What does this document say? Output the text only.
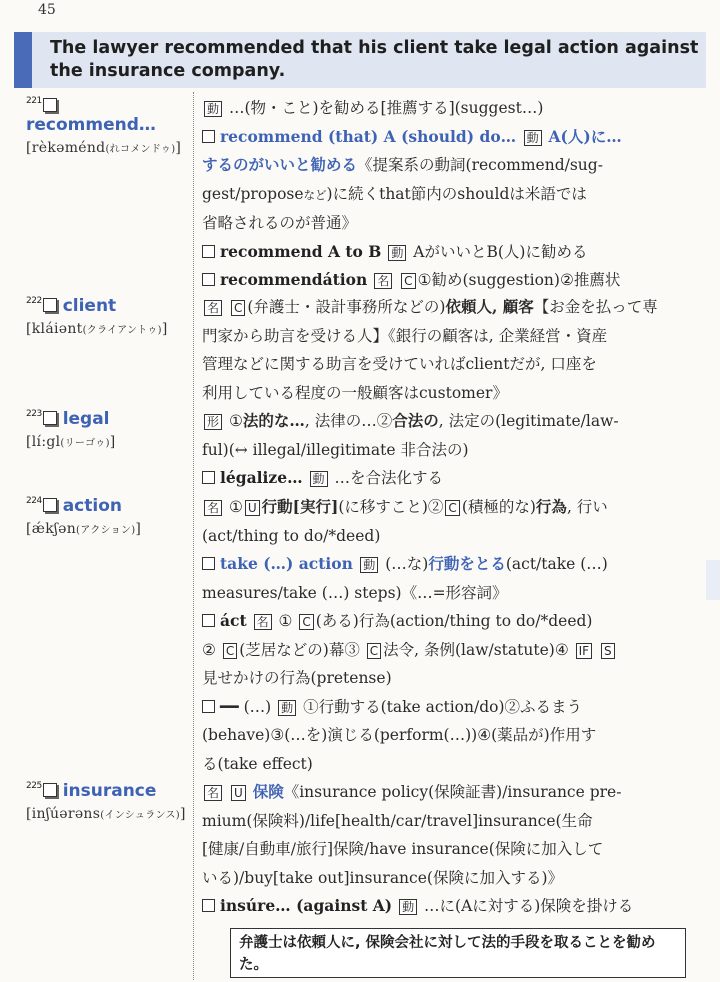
45
The lawyer recommended that his client take legal action against the insurance company.
$^{221}$recommend…
[rèkəménd(れコメンドゥ)]
$^{222}$ client
[kláiənt(クライアントゥ)]
$^{223}$ legal
[lí:gl(リーゴゥ)]
$^{224}$ action
[ǽkʃən(アクション)]
$^{225}$ insurance
[inʃúərəns(インシュランス)]
動 …(物・こと)を勧める[推薦する](suggest…)
recommend (that) A (should) do… 動 A(人)に…
するのがいいと勧める《提案系の動詞(recommend/sug-
gest/proposeなど)に続くthat節内のshouldは米語では
省略されるのが普通》
recommend A to B 動 AがいいとB(人)に勧める
recommendátion 名 C ①勧め(suggestion)②推薦状
名 C (弁護士・設計事務所などの)依頼人, 顧客【お金を払って専
門家から助言を受ける人】《銀行の顧客は, 企業経営・資産
管理などに関する助言を受けていればclientだが, 口座を
利用している程度の一般顧客はcustomer》
形 ①法的な…, 法律の…②合法の, 法定の(legitimate/law-
ful)(↔ illegal/illegitimate 非合法の)
légalize… 動 …を合法化する
名 ① U 行動[実行](に移すこと)② C (積極的な)行為, 行い
(act/thing to do/*deed)
take (…) action 動 (…な)行動をとる(act/take (…)
measures/take (…) steps)《…=形容詞》
áct 名 ① C (ある)行為(action/thing to do/*deed)
② C (芝居などの)幕③ C 法令, 条例(law/statute)④ IF S
見せかけの行為(pretense)
━━ (…) 動 ①行動する(take action/do)②ふるまう
(behave)③(…を)演じる(perform(…))④(薬品が)作用す
る(take effect)
名 U 保険《insurance policy(保険証書)/insurance pre-
mium(保険料)/life[health/car/travel]insurance(生命
[健康/自動車/旅行]保険/have insurance(保険に加入して
いる)/buy[take out]insurance(保険に加入する)》
insúre… (against A) 動 …に(Aに対する)保険を掛ける
弁護士は依頼人に, 保険会社に対して法的手段を取ることを勧めた。
